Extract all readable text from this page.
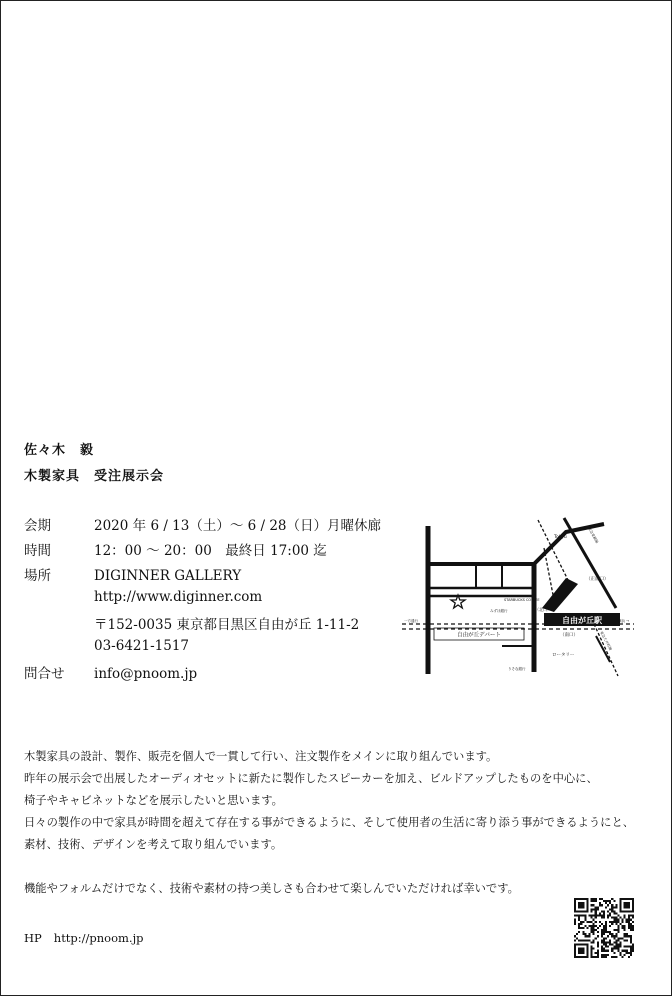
佐々木　毅
木製家具　受注展示会
会期	2020 年 6 / 13（土）～ 6 / 28（日）月曜休廊
時間	12：00 ～ 20：00　最終日 17:00 迄
場所	DIGINNER GALLERY
http://www.diginner.com
〒152-0035 東京都目黒区自由が丘 1-11-2
03-6421-1517
問合せ info@pnoom.jp
自由が丘駅
自由が丘デパート
Tokyu
（正面口）
（南口）
（北口）
ロータリー
STARBUCKS COFFEE
みずほ銀行
りそな銀行
一方通行	横浜 →
東急東横線
東急大井町線

木製家具の設計、製作、販売を個人で一貫して行い、注文製作をメインに取り組んでいます。

昨年の展示会で出展したオーディオセットに新たに製作したスピーカーを加え、ビルドアップしたものを中心に、

椅子やキャビネットなどを展示したいと思います。

日々の製作の中で家具が時間を超えて存在する事ができるように、そして使用者の生活に寄り添う事ができるようにと、

素材、技術、デザインを考えて取り組んでいます。

機能やフォルムだけでなく、技術や素材の持つ美しさも合わせて楽しんでいただければ幸いです。

HP http://pnoom.jp
